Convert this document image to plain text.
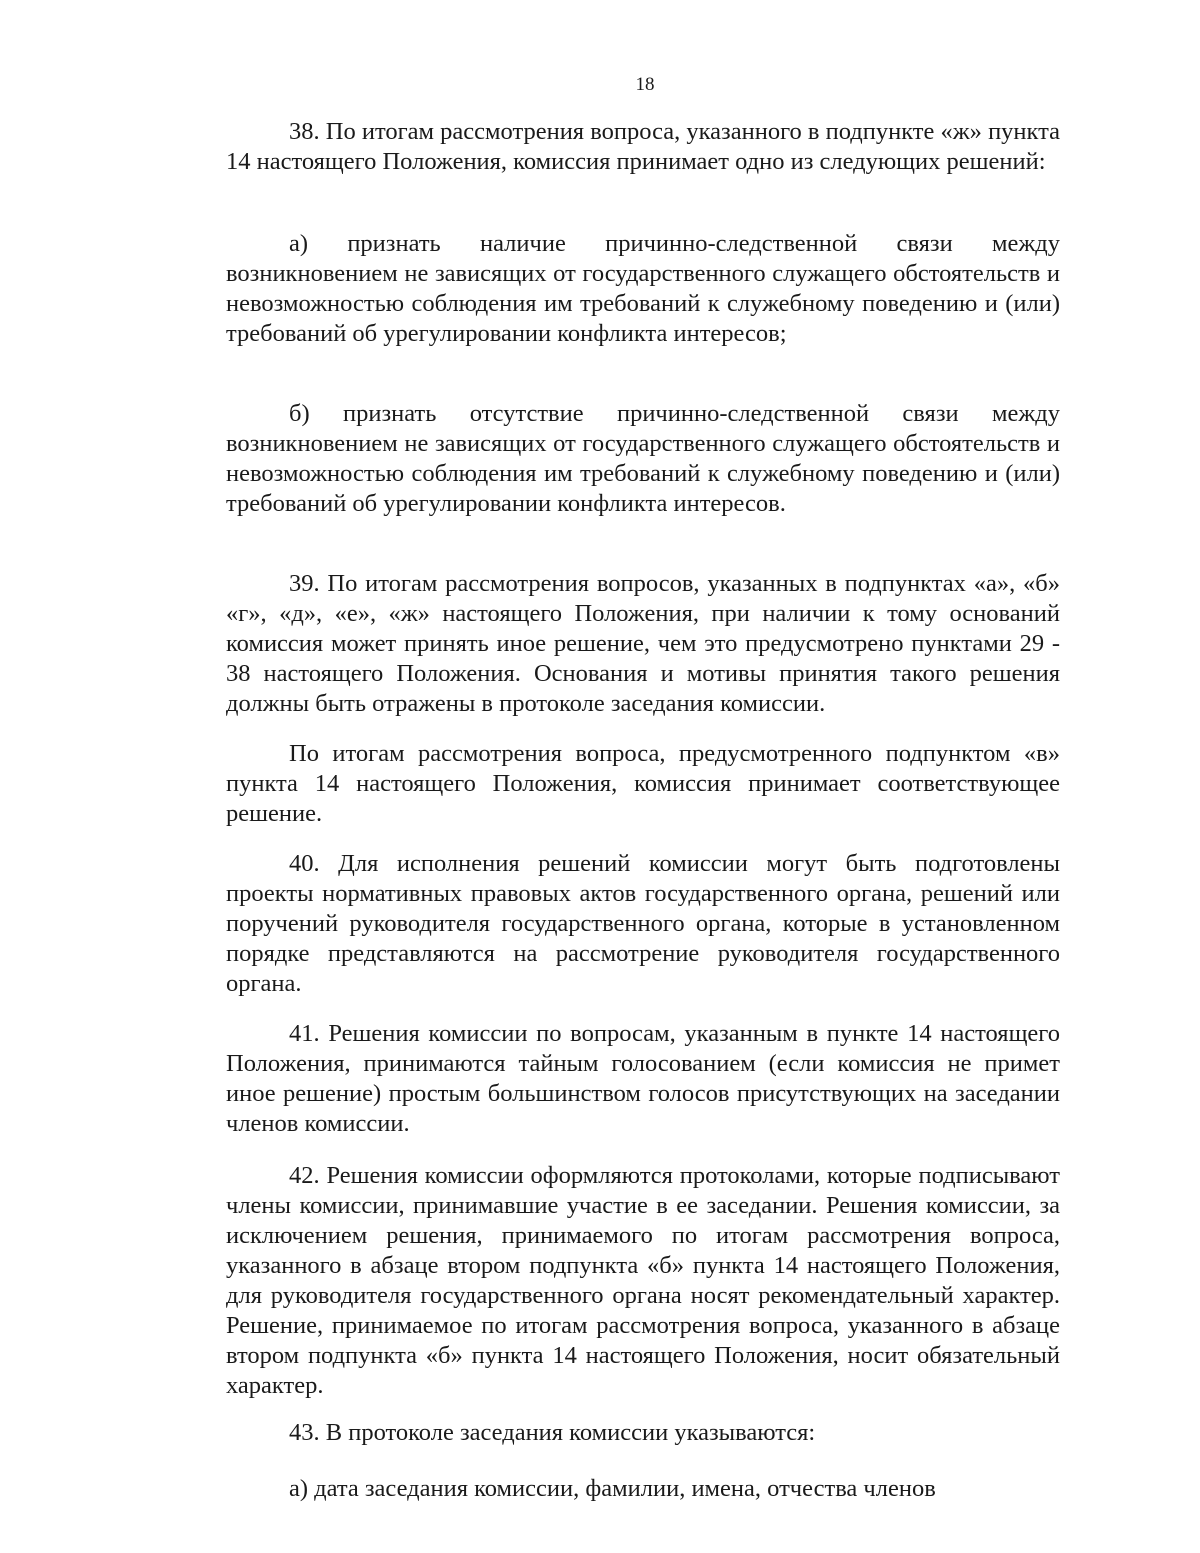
18

38. По итогам рассмотрения вопроса, указанного в подпункте «ж» пункта 14 настоящего Положения, комиссия принимает одно из следующих решений:

а) признать наличие причинно-следственной связи между возникновением не зависящих от государственного служащего обстоятельств и невозможностью соблюдения им требований к служебному поведению и (или) требований об урегулировании конфликта интересов;

б) признать отсутствие причинно-следственной связи между возникновением не зависящих от государственного служащего обстоятельств и невозможностью соблюдения им требований к служебному поведению и (или) требований об урегулировании конфликта интересов.

39. По итогам рассмотрения вопросов, указанных в подпунктах «а», «б» «г», «д», «е», «ж» настоящего Положения, при наличии к тому оснований комиссия может принять иное решение, чем это предусмотрено пунктами 29 - 38 настоящего Положения. Основания и мотивы принятия такого решения должны быть отражены в протоколе заседания комиссии.

По итогам рассмотрения вопроса, предусмотренного подпунктом «в» пункта 14 настоящего Положения, комиссия принимает соответствующее решение.

40. Для исполнения решений комиссии могут быть подготовлены проекты нормативных правовых актов государственного органа, решений или поручений руководителя государственного органа, которые в установленном порядке представляются на рассмотрение руководителя государственного органа.

41. Решения комиссии по вопросам, указанным в пункте 14 настоящего Положения, принимаются тайным голосованием (если комиссия не примет иное решение) простым большинством голосов присутствующих на заседании членов комиссии.

42. Решения комиссии оформляются протоколами, которые подписывают члены комиссии, принимавшие участие в ее заседании. Решения комиссии, за исключением решения, принимаемого по итогам рассмотрения вопроса, указанного в абзаце втором подпункта «б» пункта 14 настоящего Положения, для руководителя государственного органа носят рекомендательный характер. Решение, принимаемое по итогам рассмотрения вопроса, указанного в абзаце втором подпункта «б» пункта 14 настоящего Положения, носит обязательный характер.

43. В протоколе заседания комиссии указываются:

а) дата заседания комиссии, фамилии, имена, отчества членов
